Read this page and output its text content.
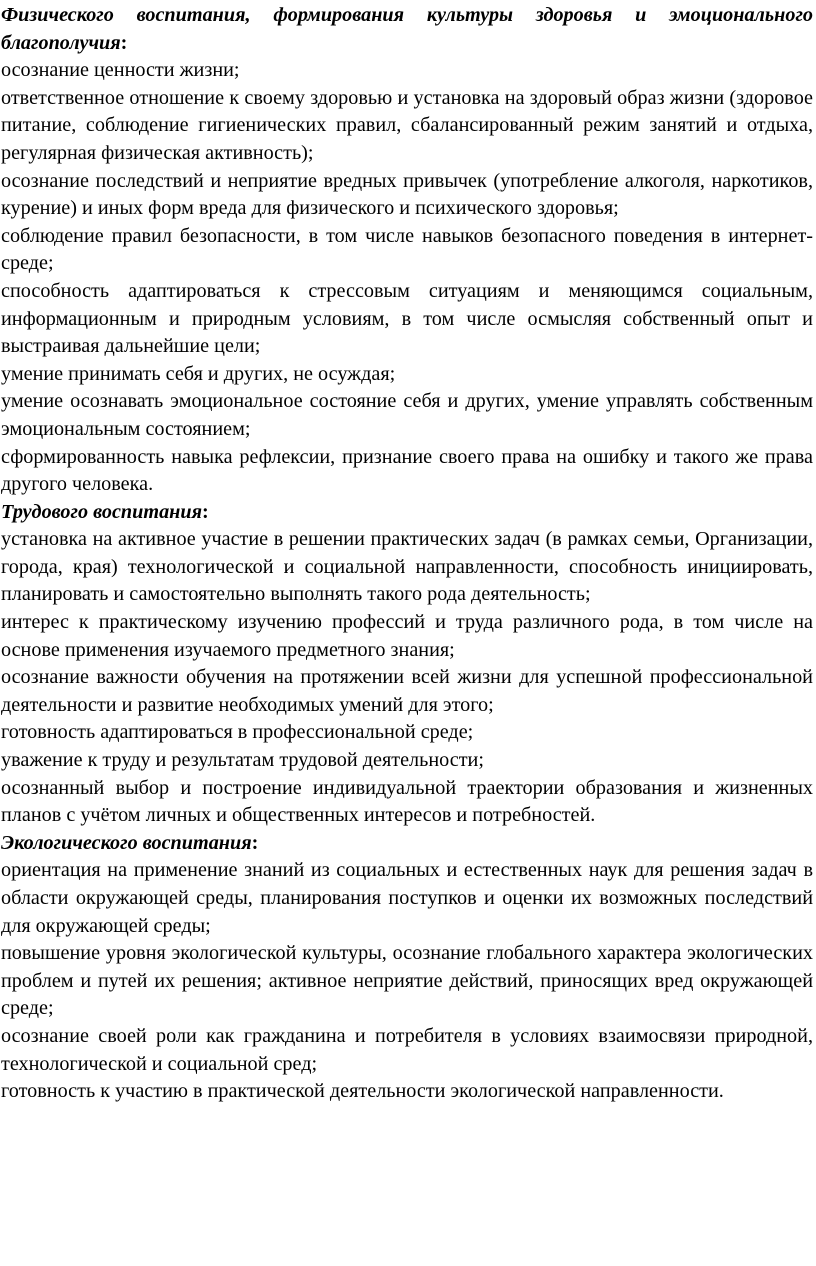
Физического воспитания, формирования культуры здоровья и эмоционального благополучия:

осознание ценности жизни;

ответственное отношение к своему здоровью и установка на здоровый образ жизни (здоровое питание, соблюдение гигиенических правил, сбалансированный режим занятий и отдыха, регулярная физическая активность);

осознание последствий и неприятие вредных привычек (употребление алкоголя, наркотиков, курение) и иных форм вреда для физического и психического здоровья;

соблюдение правил безопасности, в том числе навыков безопасного поведения в интернет-среде;

способность адаптироваться к стрессовым ситуациям и меняющимся социальным, информационным и природным условиям, в том числе осмысляя собственный опыт и выстраивая дальнейшие цели;

умение принимать себя и других, не осуждая;

умение осознавать эмоциональное состояние себя и других, умение управлять собственным эмоциональным состоянием;

сформированность навыка рефлексии, признание своего права на ошибку и такого же права другого человека.

Трудового воспитания:

установка на активное участие в решении практических задач (в рамках семьи, Организации, города, края) технологической и социальной направленности, способность инициировать, планировать и самостоятельно выполнять такого рода деятельность;

интерес к практическому изучению профессий и труда различного рода, в том числе на основе применения изучаемого предметного знания;

осознание важности обучения на протяжении всей жизни для успешной профессиональной деятельности и развитие необходимых умений для этого;

готовность адаптироваться в профессиональной среде;

уважение к труду и результатам трудовой деятельности;

осознанный выбор и построение индивидуальной траектории образования и жизненных планов с учётом личных и общественных интересов и потребностей.

Экологического воспитания:

ориентация на применение знаний из социальных и естественных наук для решения задач в области окружающей среды, планирования поступков и оценки их возможных последствий для окружающей среды;

повышение уровня экологической культуры, осознание глобального характера экологических проблем и путей их решения; активное неприятие действий, приносящих вред окружающей среде;

осознание своей роли как гражданина и потребителя в условиях взаимосвязи природной, технологической и социальной сред;

готовность к участию в практической деятельности экологической направленности.
